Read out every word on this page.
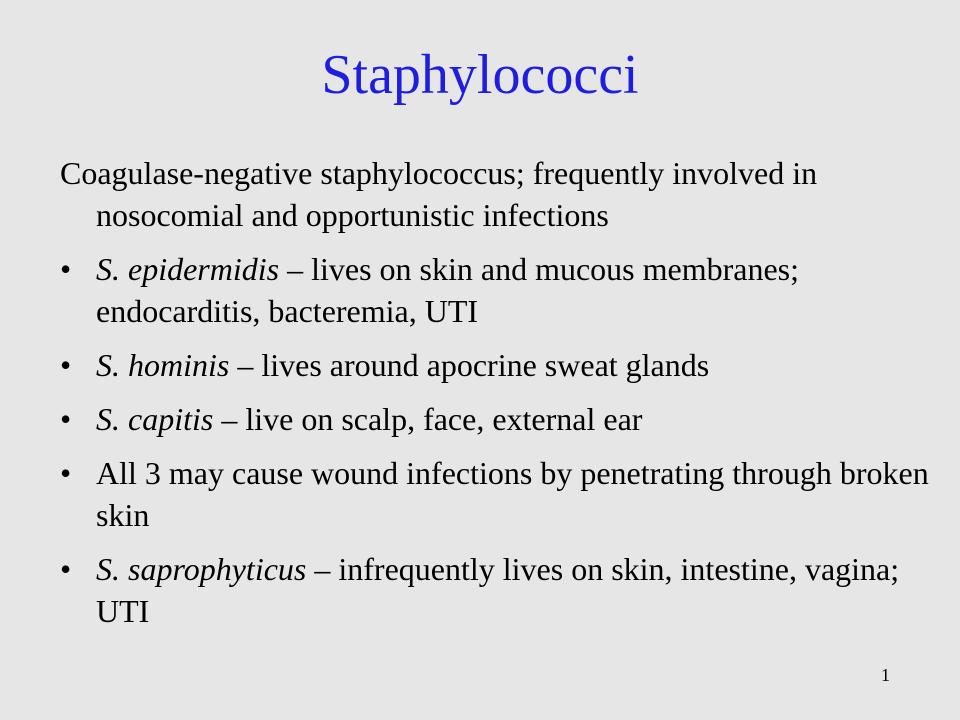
Staphylococci

Coagulase-negative staphylococcus; frequently involved in nosocomial and opportunistic infections

• S. epidermidis – lives on skin and mucous membranes; endocarditis, bacteremia, UTI
• S. hominis – lives around apocrine sweat glands
• S. capitis – live on scalp, face, external ear
• All 3 may cause wound infections by penetrating through broken skin
• S. saprophyticus – infrequently lives on skin, intestine, vagina; UTI
1
